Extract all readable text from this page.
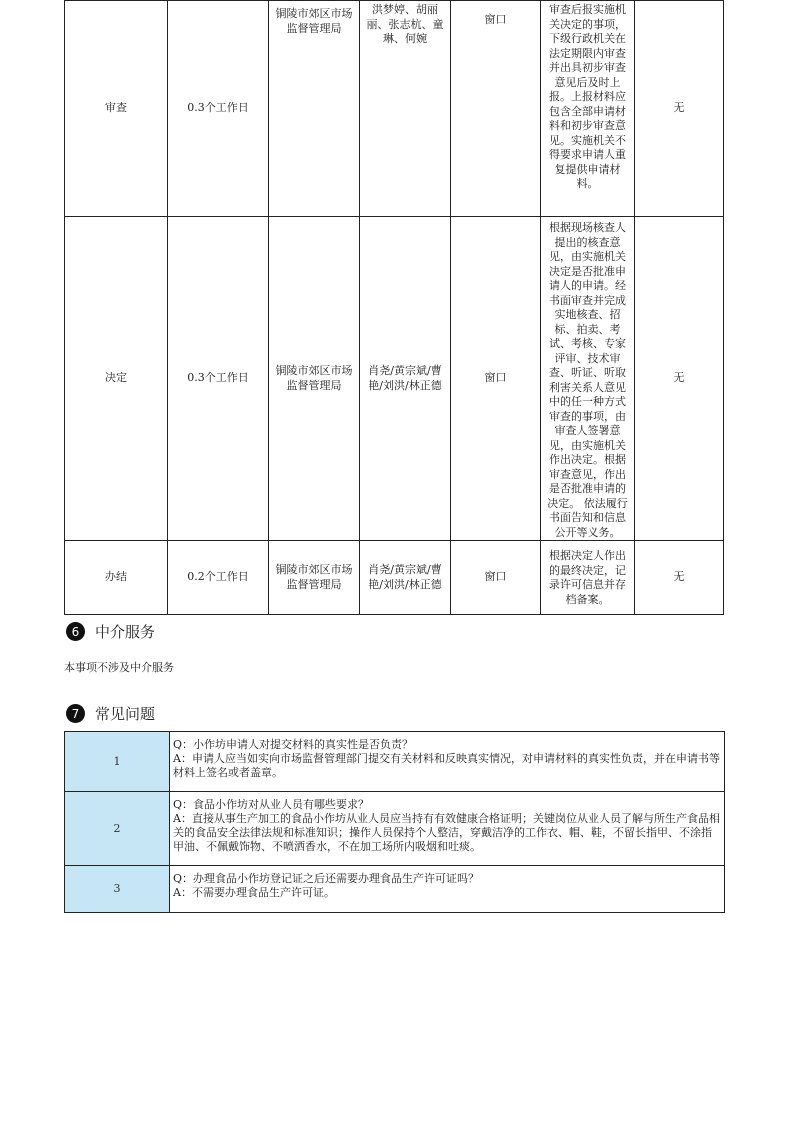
审查	0.3个工作日	铜陵市郊区市场监督管理局	洪梦婷、胡丽丽、张志杭、童琳、何婉	窗口	审查后报实施机关决定的事项，下级行政机关在法定期限内审查并出具初步审查意见后及时上报。上报材料应包含全部申请材料和初步审查意见。实施机关不得要求申请人重复提供申请材料。	无
决定	0.3个工作日	铜陵市郊区市场监督管理局	肖尧/黄宗斌/曹艳/刘洪/林正德	窗口	根据现场核查人提出的核查意见，由实施机关决定是否批准申请人的申请。经书面审查并完成实地核查、招标、拍卖、考试、考核、专家评审、技术审查、听证、听取利害关系人意见中的任一种方式审查的事项，由审查人签署意见，由实施机关作出决定。根据审查意见，作出是否批准申请的决定。 依法履行书面告知和信息公开等义务。	无
办结	0.2个工作日	铜陵市郊区市场监督管理局	肖尧/黄宗斌/曹艳/刘洪/林正德	窗口	根据决定人作出的最终决定，记录许可信息并存档备案。	无
6	中介服务
本事项不涉及中介服务
7	常见问题
1	Q：小作坊申请人对提交材料的真实性是否负责？
A：申请人应当如实向市场监督管理部门提交有关材料和反映真实情况，对申请材料的真实性负责，并在申请书等材料上签名或者盖章。

2	Q：食品小作坊对从业人员有哪些要求？
A：直接从事生产加工的食品小作坊从业人员应当持有有效健康合格证明；关键岗位从业人员了解与所生产食品相关的食品安全法律法规和标准知识；操作人员保持个人整洁，穿戴洁净的工作衣、帽、鞋，不留长指甲、不涂指甲油、不佩戴饰物、不喷洒香水，不在加工场所内吸烟和吐痰。

3	Q：办理食品小作坊登记证之后还需要办理食品生产许可证吗？
A：不需要办理食品生产许可证。
